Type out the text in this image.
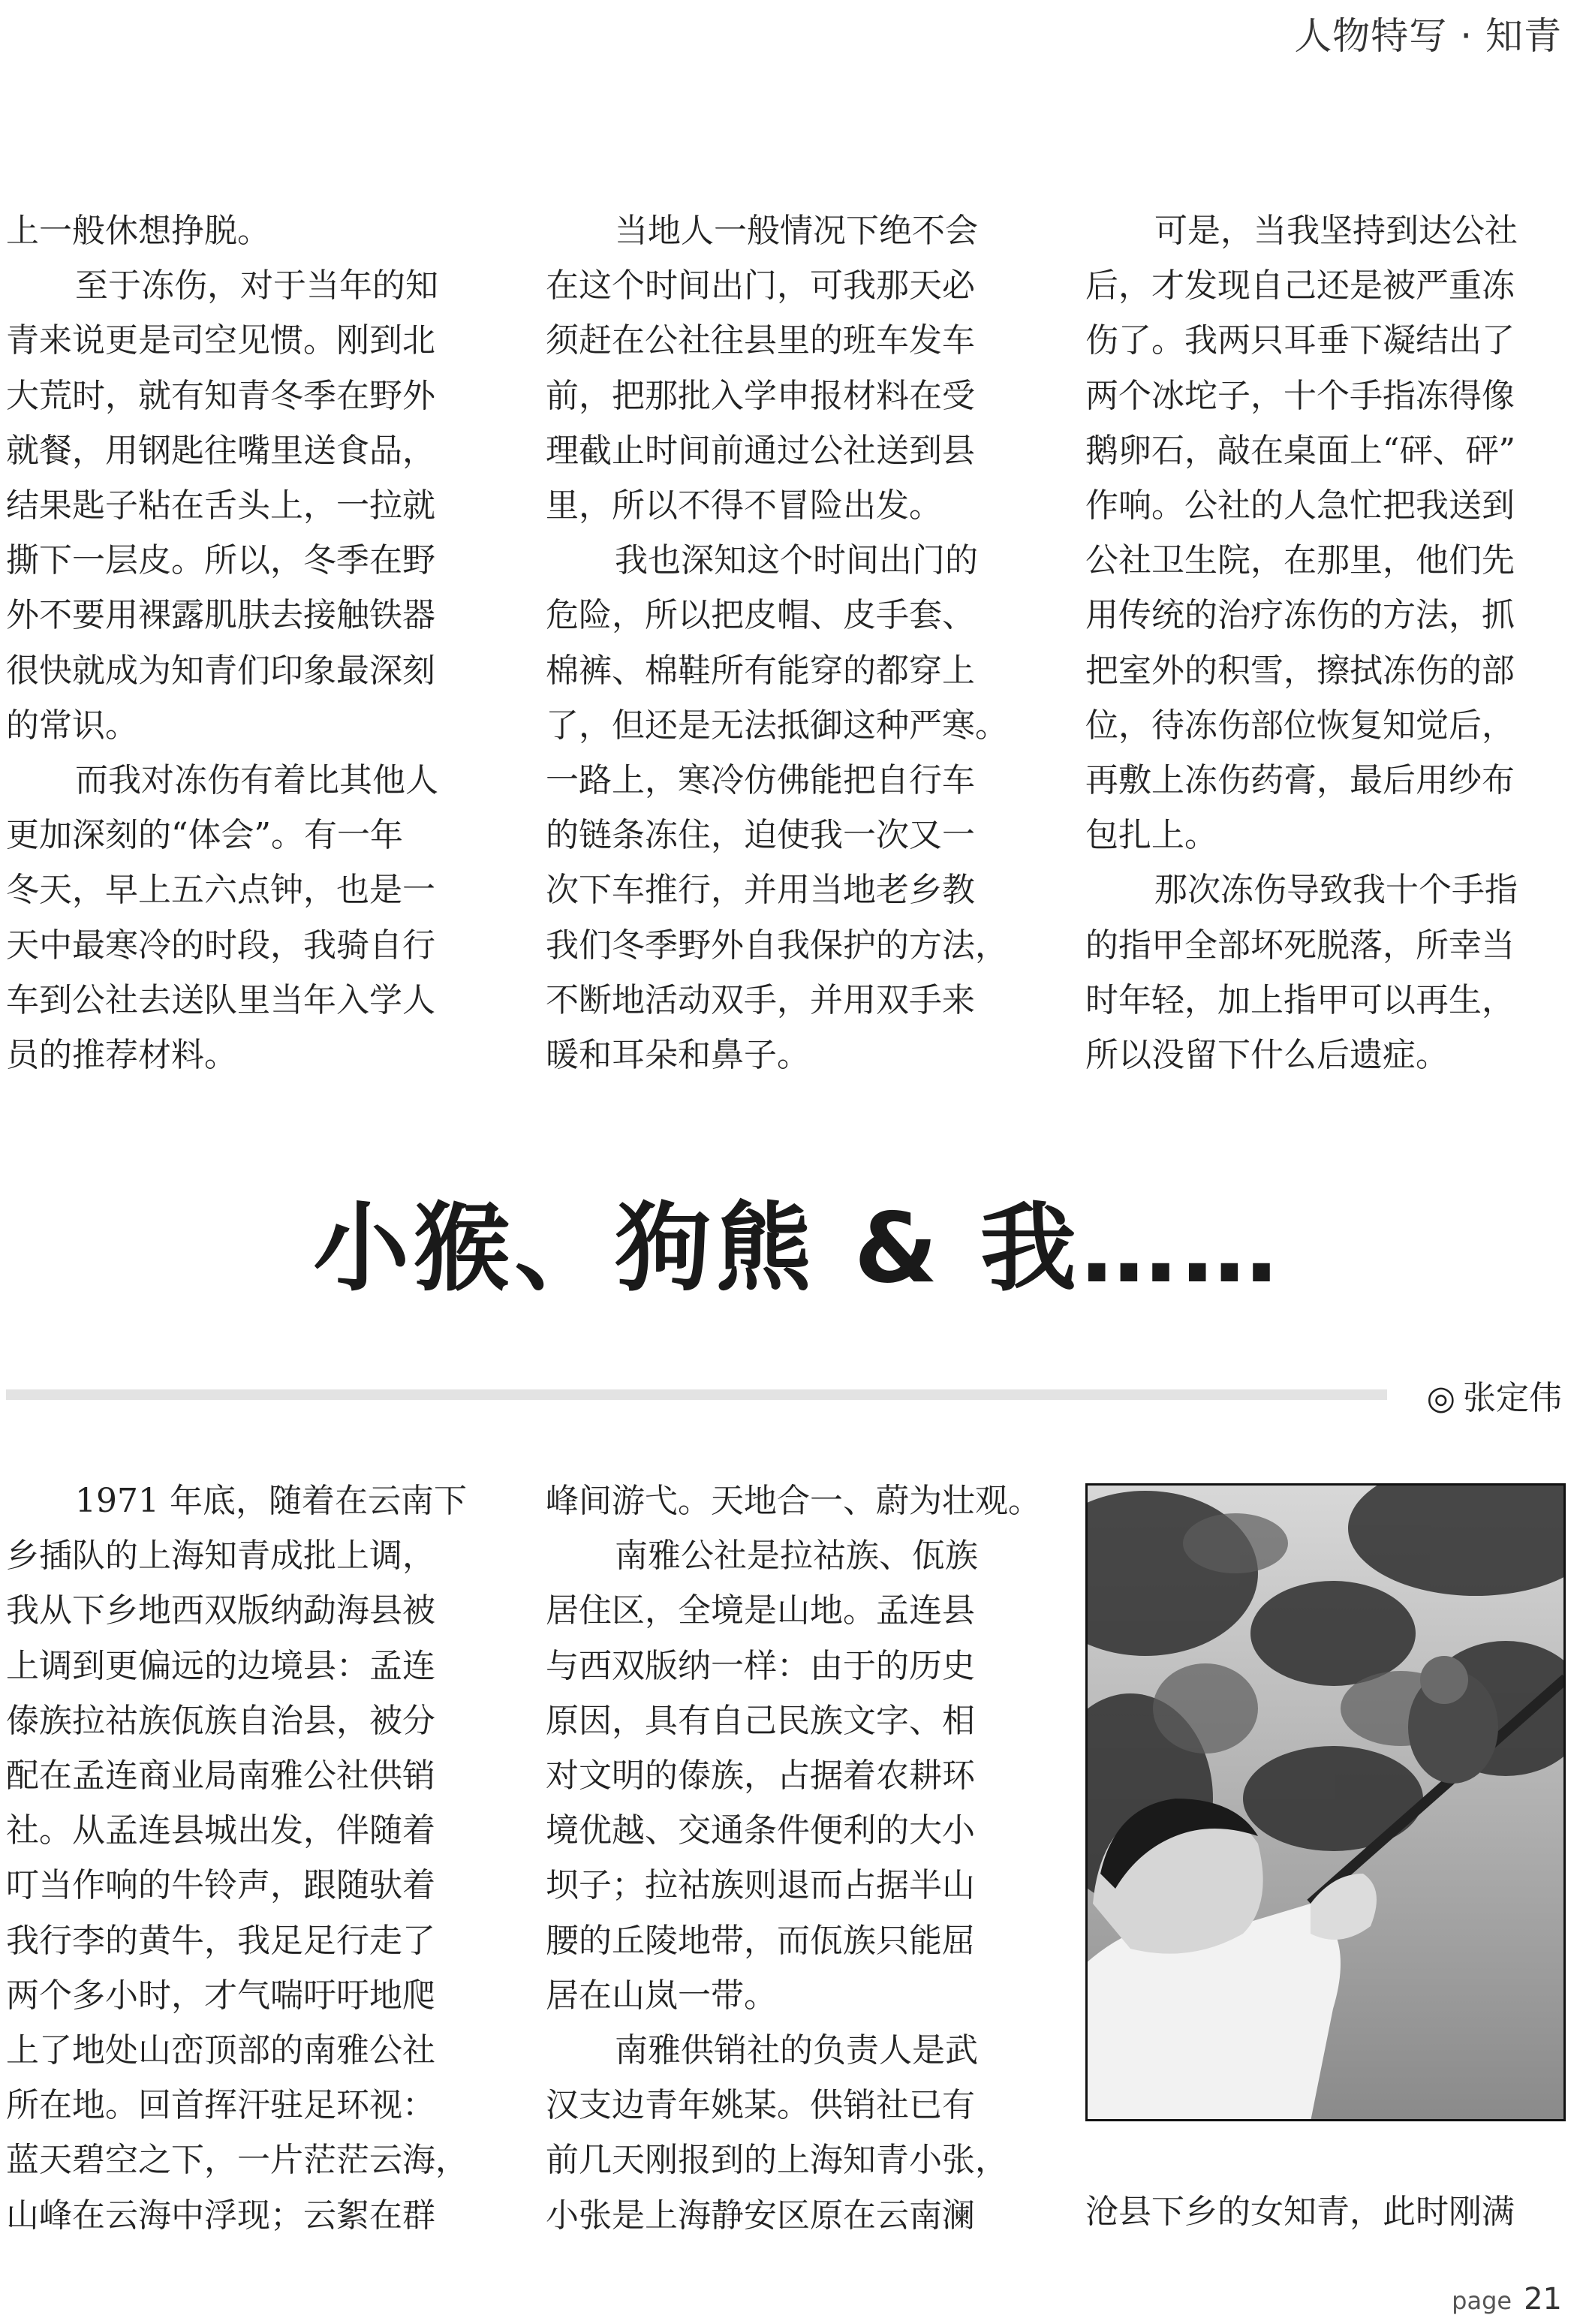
人物特写 · 知青

上一般休想挣脱。

至于冻伤，对于当年的知

青来说更是司空见惯。刚到北

大荒时，就有知青冬季在野外

就餐，用钢匙往嘴里送食品，

结果匙子粘在舌头上，一拉就

撕下一层皮。所以，冬季在野

外不要用裸露肌肤去接触铁器

很快就成为知青们印象最深刻

的常识。

而我对冻伤有着比其他人

更加深刻的“体会”。有一年

冬天，早上五六点钟，也是一

天中最寒冷的时段，我骑自行

车到公社去送队里当年入学人

员的推荐材料。

当地人一般情况下绝不会

在这个时间出门，可我那天必

须赶在公社往县里的班车发车

前，把那批入学申报材料在受

理截止时间前通过公社送到县

里，所以不得不冒险出发。

我也深知这个时间出门的

危险，所以把皮帽、皮手套、

棉裤、棉鞋所有能穿的都穿上

了，但还是无法抵御这种严寒。

一路上，寒冷仿佛能把自行车

的链条冻住，迫使我一次又一

次下车推行，并用当地老乡教

我们冬季野外自我保护的方法，

不断地活动双手，并用双手来

暖和耳朵和鼻子。

可是，当我坚持到达公社

后，才发现自己还是被严重冻

伤了。我两只耳垂下凝结出了

两个冰坨子，十个手指冻得像

鹅卵石，敲在桌面上“砰、砰”

作响。公社的人急忙把我送到

公社卫生院，在那里，他们先

用传统的治疗冻伤的方法，抓

把室外的积雪，擦拭冻伤的部

位，待冻伤部位恢复知觉后，

再敷上冻伤药膏，最后用纱布

包扎上。

那次冻伤导致我十个手指

的指甲全部坏死脱落，所幸当

时年轻，加上指甲可以再生，

所以没留下什么后遗症。

小猴、狗熊 & 我……
◎ 张定伟

1971 年底，随着在云南下

乡插队的上海知青成批上调，

我从下乡地西双版纳勐海县被

上调到更偏远的边境县：孟连

傣族拉祜族佤族自治县，被分

配在孟连商业局南雅公社供销

社。从孟连县城出发，伴随着

叮当作响的牛铃声，跟随驮着

我行李的黄牛，我足足行走了

两个多小时，才气喘吁吁地爬

上了地处山峦顶部的南雅公社

所在地。回首挥汗驻足环视：

蓝天碧空之下，一片茫茫云海，

山峰在云海中浮现；云絮在群

峰间游弋。天地合一、蔚为壮观。

南雅公社是拉祜族、佤族

居住区，全境是山地。孟连县

与西双版纳一样：由于的历史

原因，具有自己民族文字、相

对文明的傣族，占据着农耕环

境优越、交通条件便利的大小

坝子；拉祜族则退而占据半山

腰的丘陵地带，而佤族只能屈

居在山岚一带。

南雅供销社的负责人是武

汉支边青年姚某。供销社已有

前几天刚报到的上海知青小张，

小张是上海静安区原在云南澜	沧县下乡的女知青，此时刚满
page 21
